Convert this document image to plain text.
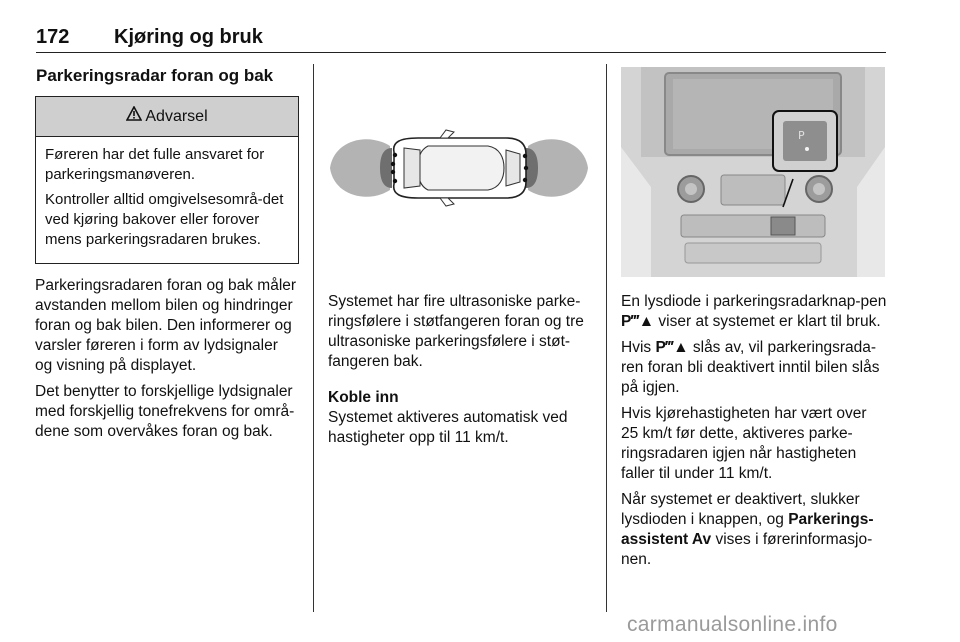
172 Kjøring og bruk
Parkeringsradar foran og bak
Advarsel

Føreren har det fulle ansvaret for parkeringsmanøveren.

Kontroller alltid omgivelsesområ-det ved kjøring bakover eller forover mens parkeringsradaren brukes.

Parkeringsradaren foran og bak måler avstanden mellom bilen og hindringer foran og bak bilen. Den informerer og varsler føreren i form av lydsignaler og visning på displayet.

Det benytter to forskjellige lydsignaler med forskjellig tonefrekvens for områ-dene som overvåkes foran og bak.

Systemet har fire ultrasoniske parke-ringsfølere i støtfangeren foran og tre ultrasoniske parkeringsfølere i støt-fangeren bak.

Koble inn

Systemet aktiveres automatisk ved hastigheter opp til 11 km/t.

P

En lysdiode i parkeringsradarknap-pen P‴▲ viser at systemet er klart til bruk.

Hvis P‴▲ slås av, vil parkeringsrada-ren foran bli deaktivert inntil bilen slås på igjen.

Hvis kjørehastigheten har vært over 25 km/t før dette, aktiveres parke-ringsradaren igjen når hastigheten faller til under 11 km/t.

Når systemet er deaktivert, slukker lysdioden i knappen, og Parkerings-assistent Av vises i førerinformasjo-nen.

carmanualsonline.info
